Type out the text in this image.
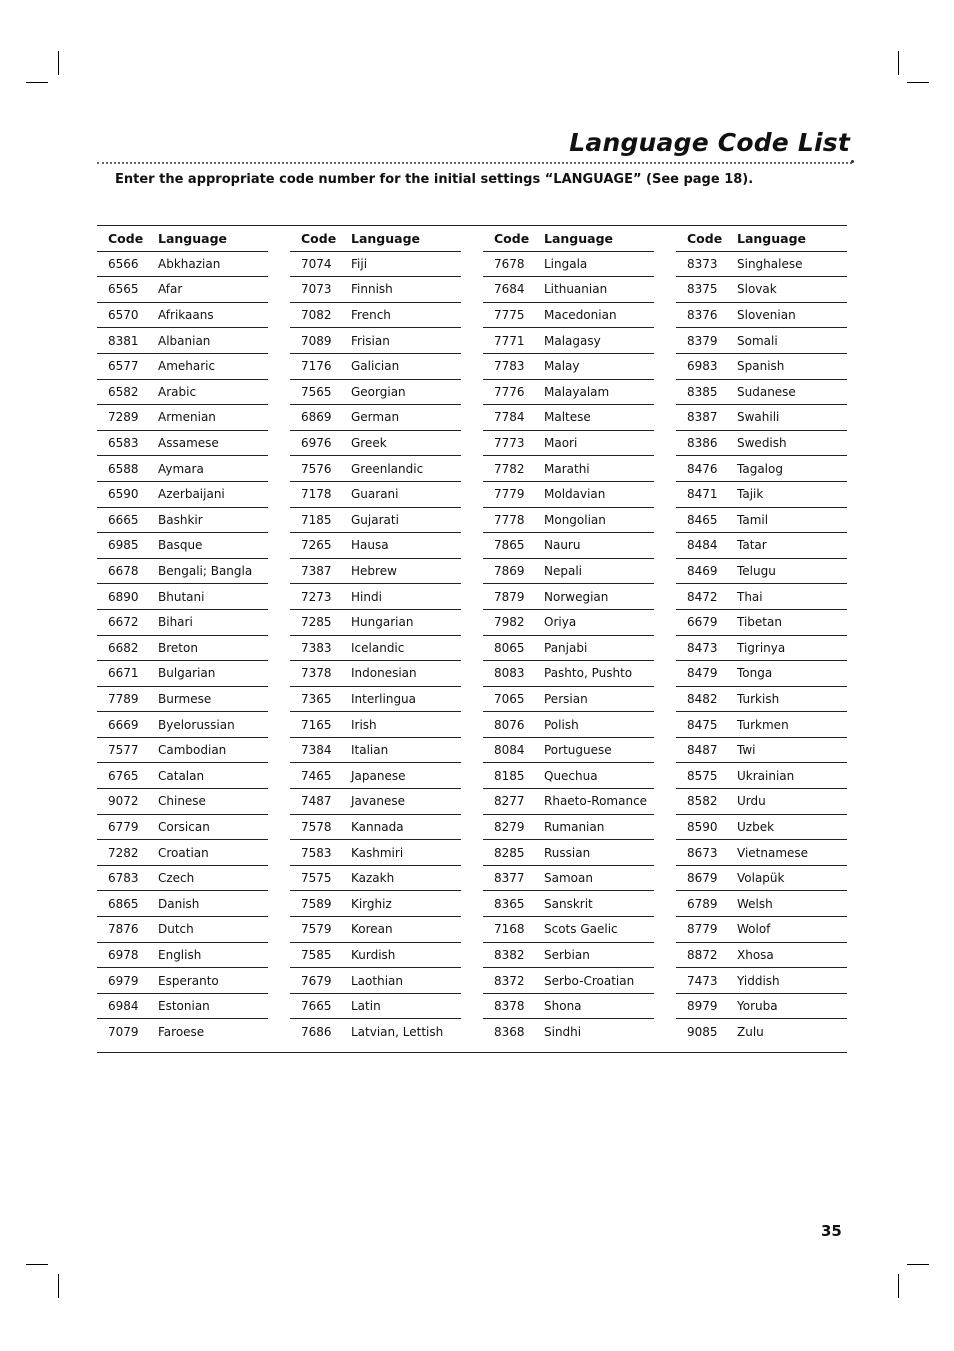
Language Code List
Enter the appropriate code number for the initial settings “LANGUAGE” (See page 18).
Code	Language
6566	Abkhazian
6565	Afar
6570	Afrikaans
8381	Albanian
6577	Ameharic
6582	Arabic
7289	Armenian
6583	Assamese
6588	Aymara
6590	Azerbaijani
6665	Bashkir
6985	Basque
6678	Bengali; Bangla
6890	Bhutani
6672	Bihari
6682	Breton
6671	Bulgarian
7789	Burmese
6669	Byelorussian
7577	Cambodian
6765	Catalan
9072	Chinese
6779	Corsican
7282	Croatian
6783	Czech
6865	Danish
7876	Dutch
6978	English
6979	Esperanto
6984	Estonian
7079	Faroese
Code	Language
7074	Fiji
7073	Finnish
7082	French
7089	Frisian
7176	Galician
7565	Georgian
6869	German
6976	Greek
7576	Greenlandic
7178	Guarani
7185	Gujarati
7265	Hausa
7387	Hebrew
7273	Hindi
7285	Hungarian
7383	Icelandic
7378	Indonesian
7365	Interlingua
7165	Irish
7384	Italian
7465	Japanese
7487	Javanese
7578	Kannada
7583	Kashmiri
7575	Kazakh
7589	Kirghiz
7579	Korean
7585	Kurdish
7679	Laothian
7665	Latin
7686	Latvian, Lettish
Code	Language
7678	Lingala
7684	Lithuanian
7775	Macedonian
7771	Malagasy
7783	Malay
7776	Malayalam
7784	Maltese
7773	Maori
7782	Marathi
7779	Moldavian
7778	Mongolian
7865	Nauru
7869	Nepali
7879	Norwegian
7982	Oriya
8065	Panjabi
8083	Pashto, Pushto
7065	Persian
8076	Polish
8084	Portuguese
8185	Quechua
8277	Rhaeto-Romance
8279	Rumanian
8285	Russian
8377	Samoan
8365	Sanskrit
7168	Scots Gaelic
8382	Serbian
8372	Serbo-Croatian
8378	Shona
8368	Sindhi
Code	Language
8373	Singhalese
8375	Slovak
8376	Slovenian
8379	Somali
6983	Spanish
8385	Sudanese
8387	Swahili
8386	Swedish
8476	Tagalog
8471	Tajik
8465	Tamil
8484	Tatar
8469	Telugu
8472	Thai
6679	Tibetan
8473	Tigrinya
8479	Tonga
8482	Turkish
8475	Turkmen
8487	Twi
8575	Ukrainian
8582	Urdu
8590	Uzbek
8673	Vietnamese
8679	Volapük
6789	Welsh
8779	Wolof
8872	Xhosa
7473	Yiddish
8979	Yoruba
9085	Zulu
35
